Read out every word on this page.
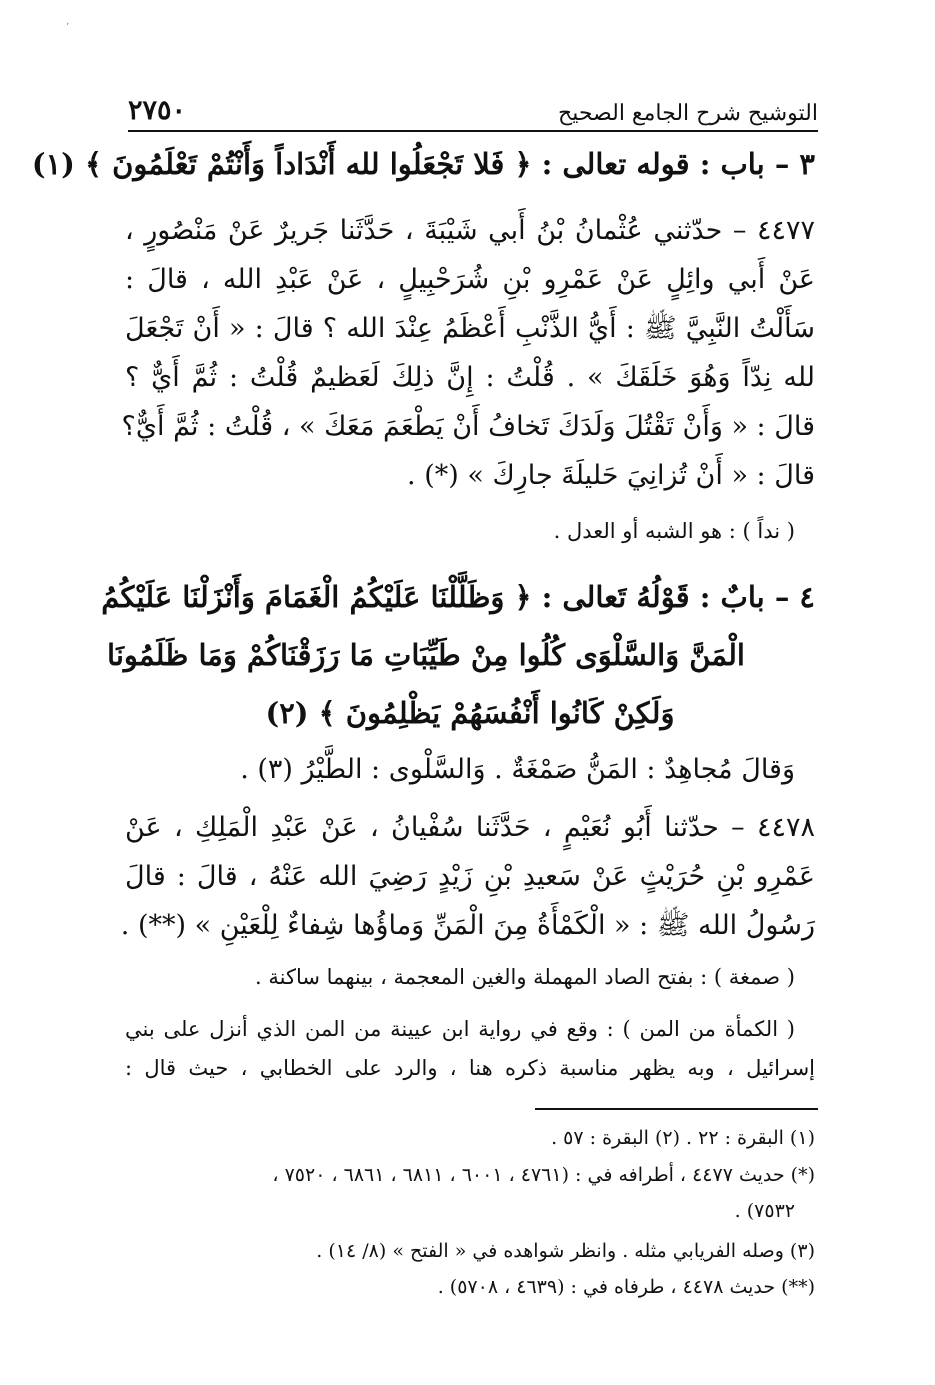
٬
٢٧٥٠	التوشيح شرح الجامع الصحيح
٣ – باب : قوله تعالى : ﴿ فَلا تَجْعَلُوا لله أَنْدَاداً وَأَنْتُمْ تَعْلَمُونَ ﴾ (١)
٤٤٧٧ – حدّثني عُثْمانُ بْنُ أَبي شَيْبَةَ ، حَدَّثَنا جَريرٌ عَنْ مَنْصُورٍ ،
عَنْ أَبي وائِلٍ عَنْ عَمْرِو بْنِ شُرَحْبِيلٍ ، عَنْ عَبْدِ الله ، قالَ :
سَأَلْتُ النَّبِيَّ ﷺ : أَيُّ الذَّنْبِ أَعْظَمُ عِنْدَ الله ؟ قالَ : « أَنْ تَجْعَلَ
لله نِدّاً وَهُوَ خَلَقَكَ » . قُلْتُ : إِنَّ ذلِكَ لَعَظيمٌ قُلْتُ : ثُمَّ أَيٌّ ؟
قالَ : « وَأَنْ تَقْتُلَ وَلَدَكَ تَخافُ أَنْ يَطْعَمَ مَعَكَ » ، قُلْتُ : ثُمَّ أَيٌّ؟
قالَ : « أَنْ تُزانِيَ حَليلَةَ جارِكَ » (*) .
( نداً ) : هو الشبه أو العدل .
٤ – بابٌ : قَوْلُهُ تَعالى : ﴿ وَظَلَّلْنَا عَلَيْكُمُ الْغَمَامَ وَأَنْزَلْنَا عَلَيْكُمُ
الْمَنَّ وَالسَّلْوَى كُلُوا مِنْ طَيِّبَاتِ مَا رَزَقْنَاكُمْ وَمَا ظَلَمُونَا
وَلَكِنْ كَانُوا أَنْفُسَهُمْ يَظْلِمُونَ ﴾ (٢)
وَقالَ مُجاهِدٌ : المَنُّ صَمْغَةٌ . وَالسَّلْوى : الطَّيْرُ (٣) .
٤٤٧٨ – حدّثنا أَبُو نُعَيْمٍ ، حَدَّثَنا سُفْيانُ ، عَنْ عَبْدِ الْمَلِكِ ، عَنْ
عَمْرِو بْنِ حُرَيْثٍ عَنْ سَعيدِ بْنِ زَيْدٍ رَضِيَ الله عَنْهُ ، قالَ : قالَ
رَسُولُ الله ﷺ : « الْكَمْأَةُ مِنَ الْمَنِّ وَماؤُها شِفاءٌ لِلْعَيْنِ » (**) .
( صمغة ) : بفتح الصاد المهملة والغين المعجمة ، بينهما ساكنة .
( الكمأة من المن ) : وقع في رواية ابن عيينة من المن الذي أنزل على بني
إسرائيل ، وبه يظهر مناسبة ذكره هنا ، والرد على الخطابي ، حيث قال :
(١) البقرة : ٢٢ . (٢) البقرة : ٥٧ .
(*) حديث ٤٤٧٧ ، أطرافه في : (٤٧٦١ ، ٦٠٠١ ، ٦٨١١ ، ٦٨٦١ ، ٧٥٢٠ ،
٧٥٣٢) .
(٣) وصله الفريابي مثله . وانظر شواهده في « الفتح » (٨/ ١٤) .
(**) حديث ٤٤٧٨ ، طرفاه في : (٤٦٣٩ ، ٥٧٠٨) .
